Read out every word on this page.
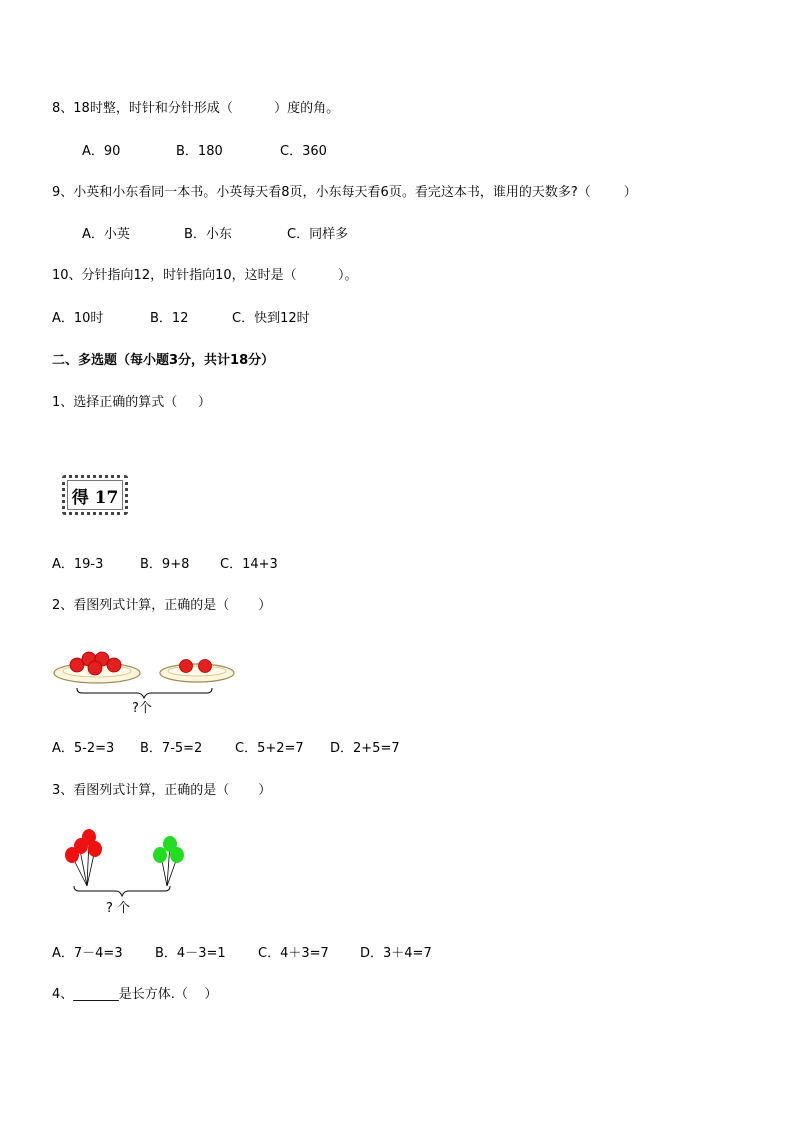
8、18时整，时针和分针形成（          ）度的角。
A．90	B．180	C．360
9、小英和小东看同一本书。小英每天看8页，小东每天看6页。看完这本书，谁用的天数多?（        ）
A．小英	B．小东	C．同样多
10、分针指向12，时针指向10，这时是（          ）。
A．10时	B．12	C．快到12时
二、多选题（每小题3分，共计18分）
1、选择正确的算式（     ）
得 17
A．19-3	B．9+8 C．14+3
2、看图列式计算，正确的是（       ）
?个
A．5-2=3 B．7-5=2	C．5+2=7 D．2+5=7
3、看图列式计算，正确的是（       ）
? 个
A．7－4=3 B．4－3=1 C．4＋3=7 D．3＋4=7
4、_______是长方体.（    ）
